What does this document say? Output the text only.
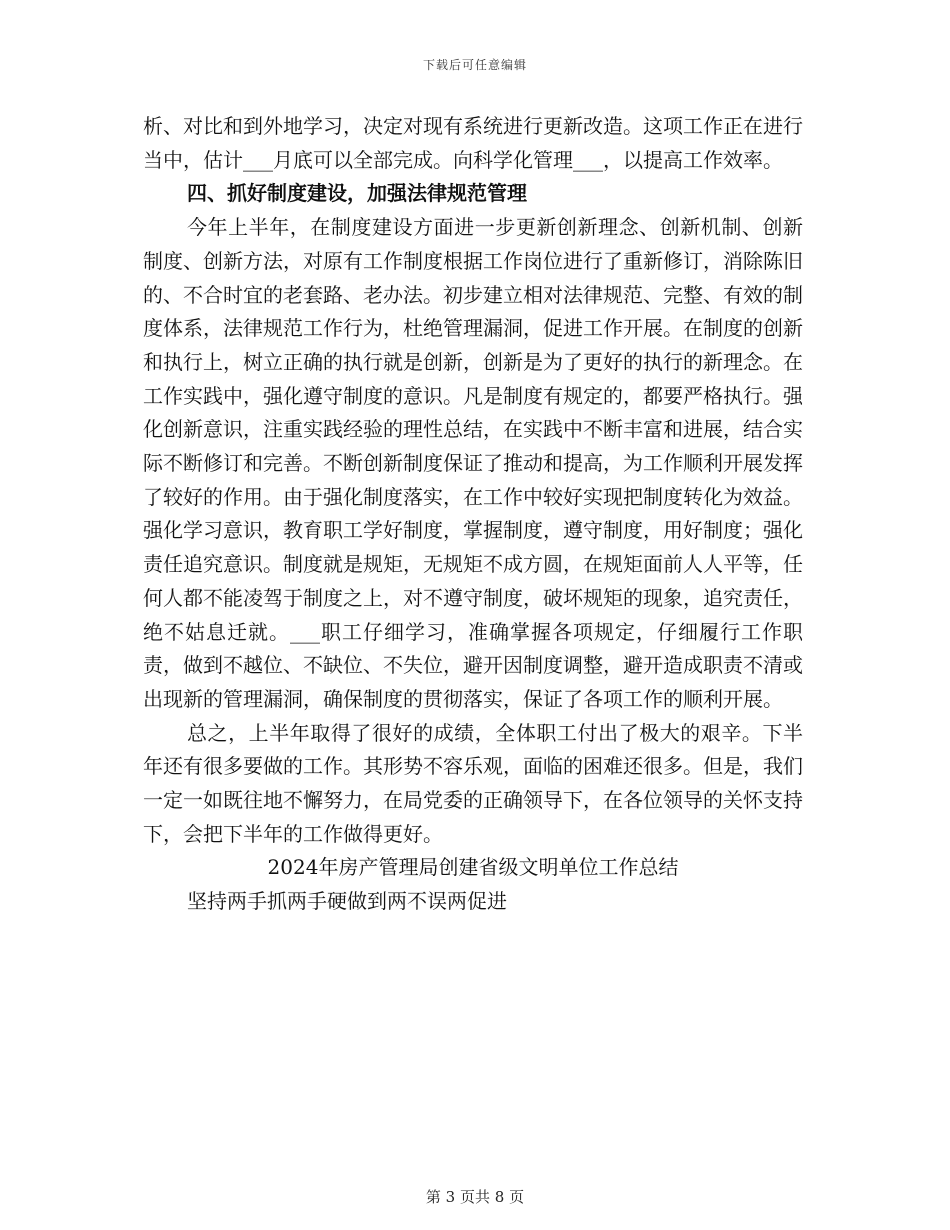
下载后可任意编辑

析、对比和到外地学习，决定对现有系统进行更新改造。这项工作正在进行当中，估计___月底可以全部完成。向科学化管理___，以提高工作效率。

四、抓好制度建设，加强法律规范管理

今年上半年，在制度建设方面进一步更新创新理念、创新机制、创新制度、创新方法，对原有工作制度根据工作岗位进行了重新修订，消除陈旧的、不合时宜的老套路、老办法。初步建立相对法律规范、完整、有效的制度体系，法律规范工作行为，杜绝管理漏洞，促进工作开展。在制度的创新和执行上，树立正确的执行就是创新，创新是为了更好的执行的新理念。在工作实践中，强化遵守制度的意识。凡是制度有规定的，都要严格执行。强化创新意识，注重实践经验的理性总结，在实践中不断丰富和进展，结合实际不断修订和完善。不断创新制度保证了推动和提高，为工作顺利开展发挥了较好的作用。由于强化制度落实，在工作中较好实现把制度转化为效益。强化学习意识，教育职工学好制度，掌握制度，遵守制度，用好制度；强化责任追究意识。制度就是规矩，无规矩不成方圆，在规矩面前人人平等，任何人都不能凌驾于制度之上，对不遵守制度，破坏规矩的现象，追究责任，绝不姑息迁就。___职工仔细学习，准确掌握各项规定，仔细履行工作职责，做到不越位、不缺位、不失位，避开因制度调整，避开造成职责不清或出现新的管理漏洞，确保制度的贯彻落实，保证了各项工作的顺利开展。

总之，上半年取得了很好的成绩，全体职工付出了极大的艰辛。下半年还有很多要做的工作。其形势不容乐观，面临的困难还很多。但是，我们一定一如既往地不懈努力，在局党委的正确领导下，在各位领导的关怀支持下，会把下半年的工作做得更好。

2024年房产管理局创建省级文明单位工作总结

坚持两手抓两手硬做到两不误两促进

第 3 页共 8 页
